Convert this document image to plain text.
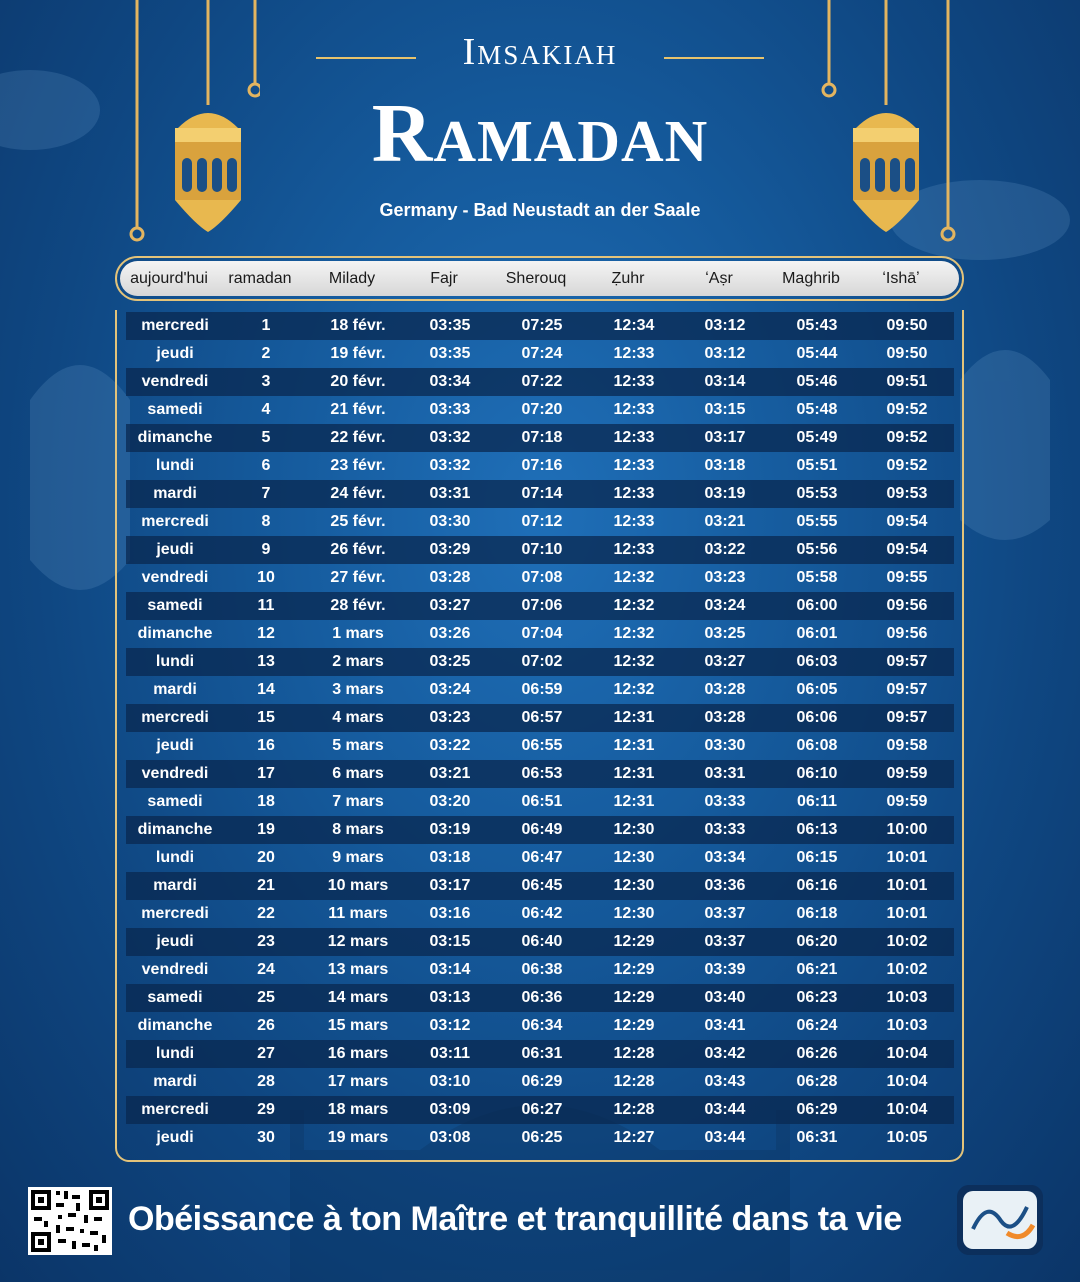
Imsakiah
Ramadan
Germany - Bad Neustadt an der Saale
aujourd'hui	ramadan	Milady	Fajr	Sherouq	Ẓuhr	ʻAṣr	Maghrib	ʻIshāʼ
mercredi	1	18 févr.	03:35	07:25	12:34	03:12	05:43	09:50
jeudi	2	19 févr.	03:35	07:24	12:33	03:12	05:44	09:50
vendredi	3	20 févr.	03:34	07:22	12:33	03:14	05:46	09:51
samedi	4	21 févr.	03:33	07:20	12:33	03:15	05:48	09:52
dimanche	5	22 févr.	03:32	07:18	12:33	03:17	05:49	09:52
lundi	6	23 févr.	03:32	07:16	12:33	03:18	05:51	09:52
mardi	7	24 févr.	03:31	07:14	12:33	03:19	05:53	09:53
mercredi	8	25 févr.	03:30	07:12	12:33	03:21	05:55	09:54
jeudi	9	26 févr.	03:29	07:10	12:33	03:22	05:56	09:54
vendredi	10	27 févr.	03:28	07:08	12:32	03:23	05:58	09:55
samedi	11	28 févr.	03:27	07:06	12:32	03:24	06:00	09:56
dimanche	12	1 mars	03:26	07:04	12:32	03:25	06:01	09:56
lundi	13	2 mars	03:25	07:02	12:32	03:27	06:03	09:57
mardi	14	3 mars	03:24	06:59	12:32	03:28	06:05	09:57
mercredi	15	4 mars	03:23	06:57	12:31	03:28	06:06	09:57
jeudi	16	5 mars	03:22	06:55	12:31	03:30	06:08	09:58
vendredi	17	6 mars	03:21	06:53	12:31	03:31	06:10	09:59
samedi	18	7 mars	03:20	06:51	12:31	03:33	06:11	09:59
dimanche	19	8 mars	03:19	06:49	12:30	03:33	06:13	10:00
lundi	20	9 mars	03:18	06:47	12:30	03:34	06:15	10:01
mardi	21	10 mars	03:17	06:45	12:30	03:36	06:16	10:01
mercredi	22	11 mars	03:16	06:42	12:30	03:37	06:18	10:01
jeudi	23	12 mars	03:15	06:40	12:29	03:37	06:20	10:02
vendredi	24	13 mars	03:14	06:38	12:29	03:39	06:21	10:02
samedi	25	14 mars	03:13	06:36	12:29	03:40	06:23	10:03
dimanche	26	15 mars	03:12	06:34	12:29	03:41	06:24	10:03
lundi	27	16 mars	03:11	06:31	12:28	03:42	06:26	10:04
mardi	28	17 mars	03:10	06:29	12:28	03:43	06:28	10:04
mercredi	29	18 mars	03:09	06:27	12:28	03:44	06:29	10:04
jeudi	30	19 mars	03:08	06:25	12:27	03:44	06:31	10:05
Obéissance à ton Maître et tranquillité dans ta vie
